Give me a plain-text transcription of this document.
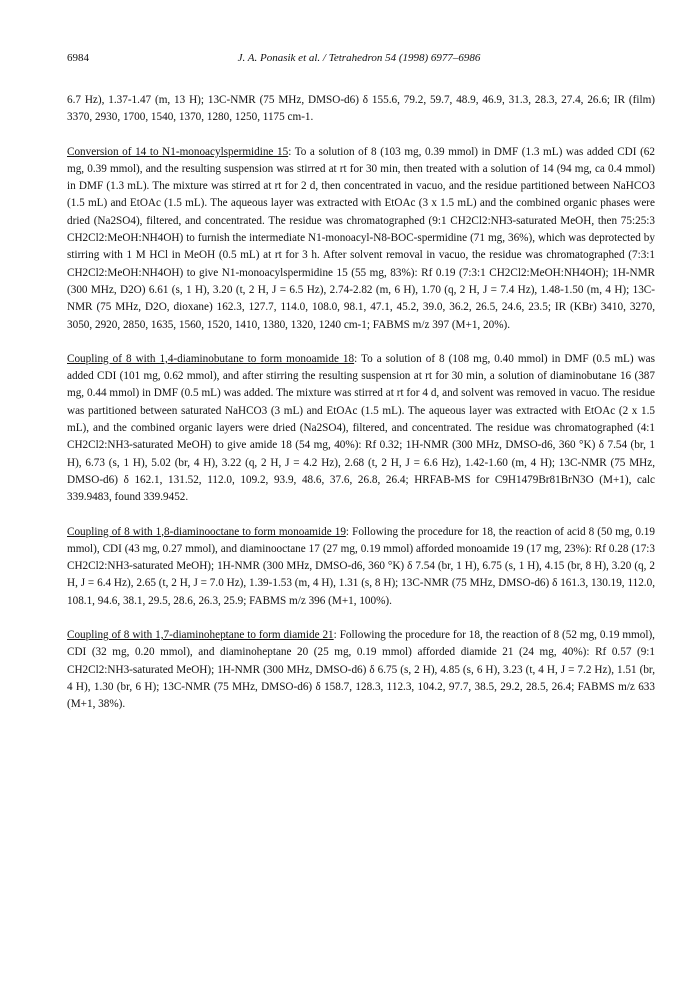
6984	J. A. Ponasik et al. / Tetrahedron 54 (1998) 6977–6986

6.7 Hz), 1.37-1.47 (m, 13 H); 13C-NMR (75 MHz, DMSO-d6) δ 155.6, 79.2, 59.7, 48.9, 46.9, 31.3, 28.3, 27.4, 26.6; IR (film) 3370, 2930, 1700, 1540, 1370, 1280, 1250, 1175 cm-1.

Conversion of 14 to N1-monoacylspermidine 15: To a solution of 8 (103 mg, 0.39 mmol) in DMF (1.3 mL) was added CDI (62 mg, 0.39 mmol), and the resulting suspension was stirred at rt for 30 min, then treated with a solution of 14 (94 mg, ca 0.4 mmol) in DMF (1.3 mL). The mixture was stirred at rt for 2 d, then concentrated in vacuo, and the residue partitioned between NaHCO3 (1.5 mL) and EtOAc (1.5 mL). The aqueous layer was extracted with EtOAc (3 x 1.5 mL) and the combined organic phases were dried (Na2SO4), filtered, and concentrated. The residue was chromatographed (9:1 CH2Cl2:NH3-saturated MeOH, then 75:25:3 CH2Cl2:MeOH:NH4OH) to furnish the intermediate N1-monoacyl-N8-BOC-spermidine (71 mg, 36%), which was deprotected by stirring with 1 M HCl in MeOH (0.5 mL) at rt for 3 h. After solvent removal in vacuo, the residue was chromatographed (7:3:1 CH2Cl2:MeOH:NH4OH) to give N1-monoacylspermidine 15 (55 mg, 83%): Rf 0.19 (7:3:1 CH2Cl2:MeOH:NH4OH); 1H-NMR (300 MHz, D2O) 6.61 (s, 1 H), 3.20 (t, 2 H, J = 6.5 Hz), 2.74-2.82 (m, 6 H), 1.70 (q, 2 H, J = 7.4 Hz), 1.48-1.50 (m, 4 H); 13C-NMR (75 MHz, D2O, dioxane) 162.3, 127.7, 114.0, 108.0, 98.1, 47.1, 45.2, 39.0, 36.2, 26.5, 24.6, 23.5; IR (KBr) 3410, 3270, 3050, 2920, 2850, 1635, 1560, 1520, 1410, 1380, 1320, 1240 cm-1; FABMS m/z 397 (M+1, 20%).

Coupling of 8 with 1,4-diaminobutane to form monoamide 18: To a solution of 8 (108 mg, 0.40 mmol) in DMF (0.5 mL) was added CDI (101 mg, 0.62 mmol), and after stirring the resulting suspension at rt for 30 min, a solution of diaminobutane 16 (387 mg, 0.44 mmol) in DMF (0.5 mL) was added. The mixture was stirred at rt for 4 d, and solvent was removed in vacuo. The residue was partitioned between saturated NaHCO3 (3 mL) and EtOAc (1.5 mL). The aqueous layer was extracted with EtOAc (2 x 1.5 mL), and the combined organic layers were dried (Na2SO4), filtered, and concentrated. The residue was chromatographed (4:1 CH2Cl2:NH3-saturated MeOH) to give amide 18 (54 mg, 40%): Rf 0.32; 1H-NMR (300 MHz, DMSO-d6, 360 °K) δ 7.54 (br, 1 H), 6.73 (s, 1 H), 5.02 (br, 4 H), 3.22 (q, 2 H, J = 4.2 Hz), 2.68 (t, 2 H, J = 6.6 Hz), 1.42-1.60 (m, 4 H); 13C-NMR (75 MHz, DMSO-d6) δ 162.1, 131.52, 112.0, 109.2, 93.9, 48.6, 37.6, 26.8, 26.4; HRFAB-MS for C9H1479Br81BrN3O (M+1), calc 339.9483, found 339.9452.

Coupling of 8 with 1,8-diaminooctane to form monoamide 19: Following the procedure for 18, the reaction of acid 8 (50 mg, 0.19 mmol), CDI (43 mg, 0.27 mmol), and diaminooctane 17 (27 mg, 0.19 mmol) afforded monoamide 19 (17 mg, 23%): Rf 0.28 (17:3 CH2Cl2:NH3-saturated MeOH); 1H-NMR (300 MHz, DMSO-d6, 360 °K) δ 7.54 (br, 1 H), 6.75 (s, 1 H), 4.15 (br, 8 H), 3.20 (q, 2 H, J = 6.4 Hz), 2.65 (t, 2 H, J = 7.0 Hz), 1.39-1.53 (m, 4 H), 1.31 (s, 8 H); 13C-NMR (75 MHz, DMSO-d6) δ 161.3, 130.19, 112.0, 108.1, 94.6, 38.1, 29.5, 28.6, 26.3, 25.9; FABMS m/z 396 (M+1, 100%).

Coupling of 8 with 1,7-diaminoheptane to form diamide 21: Following the procedure for 18, the reaction of 8 (52 mg, 0.19 mmol), CDI (32 mg, 0.20 mmol), and diaminoheptane 20 (25 mg, 0.19 mmol) afforded diamide 21 (24 mg, 40%): Rf 0.57 (9:1 CH2Cl2:NH3-saturated MeOH); 1H-NMR (300 MHz, DMSO-d6) δ 6.75 (s, 2 H), 4.85 (s, 6 H), 3.23 (t, 4 H, J = 7.2 Hz), 1.51 (br, 4 H), 1.30 (br, 6 H); 13C-NMR (75 MHz, DMSO-d6) δ 158.7, 128.3, 112.3, 104.2, 97.7, 38.5, 29.2, 28.5, 26.4; FABMS m/z 633 (M+1, 38%).
